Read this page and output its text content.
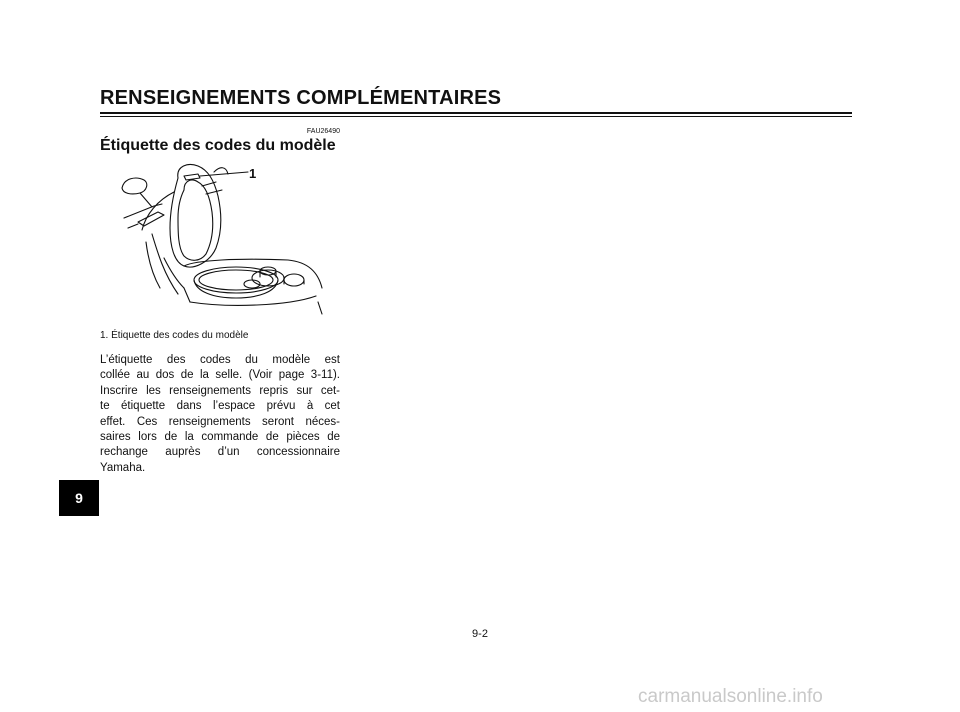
RENSEIGNEMENTS COMPLÉMENTAIRES
FAU26490
Étiquette des codes du modèle
1
1. Étiquette des codes du modèle
L’étiquette des codes du modèle est
collée au dos de la selle. (Voir page 3-11).
Inscrire les renseignements repris sur cet-
te étiquette dans l’espace prévu à cet
effet. Ces renseignements seront néces-
saires lors de la commande de pièces de
rechange auprès d’un concessionnaire
Yamaha.
9
9-2
carmanualsonline.info
